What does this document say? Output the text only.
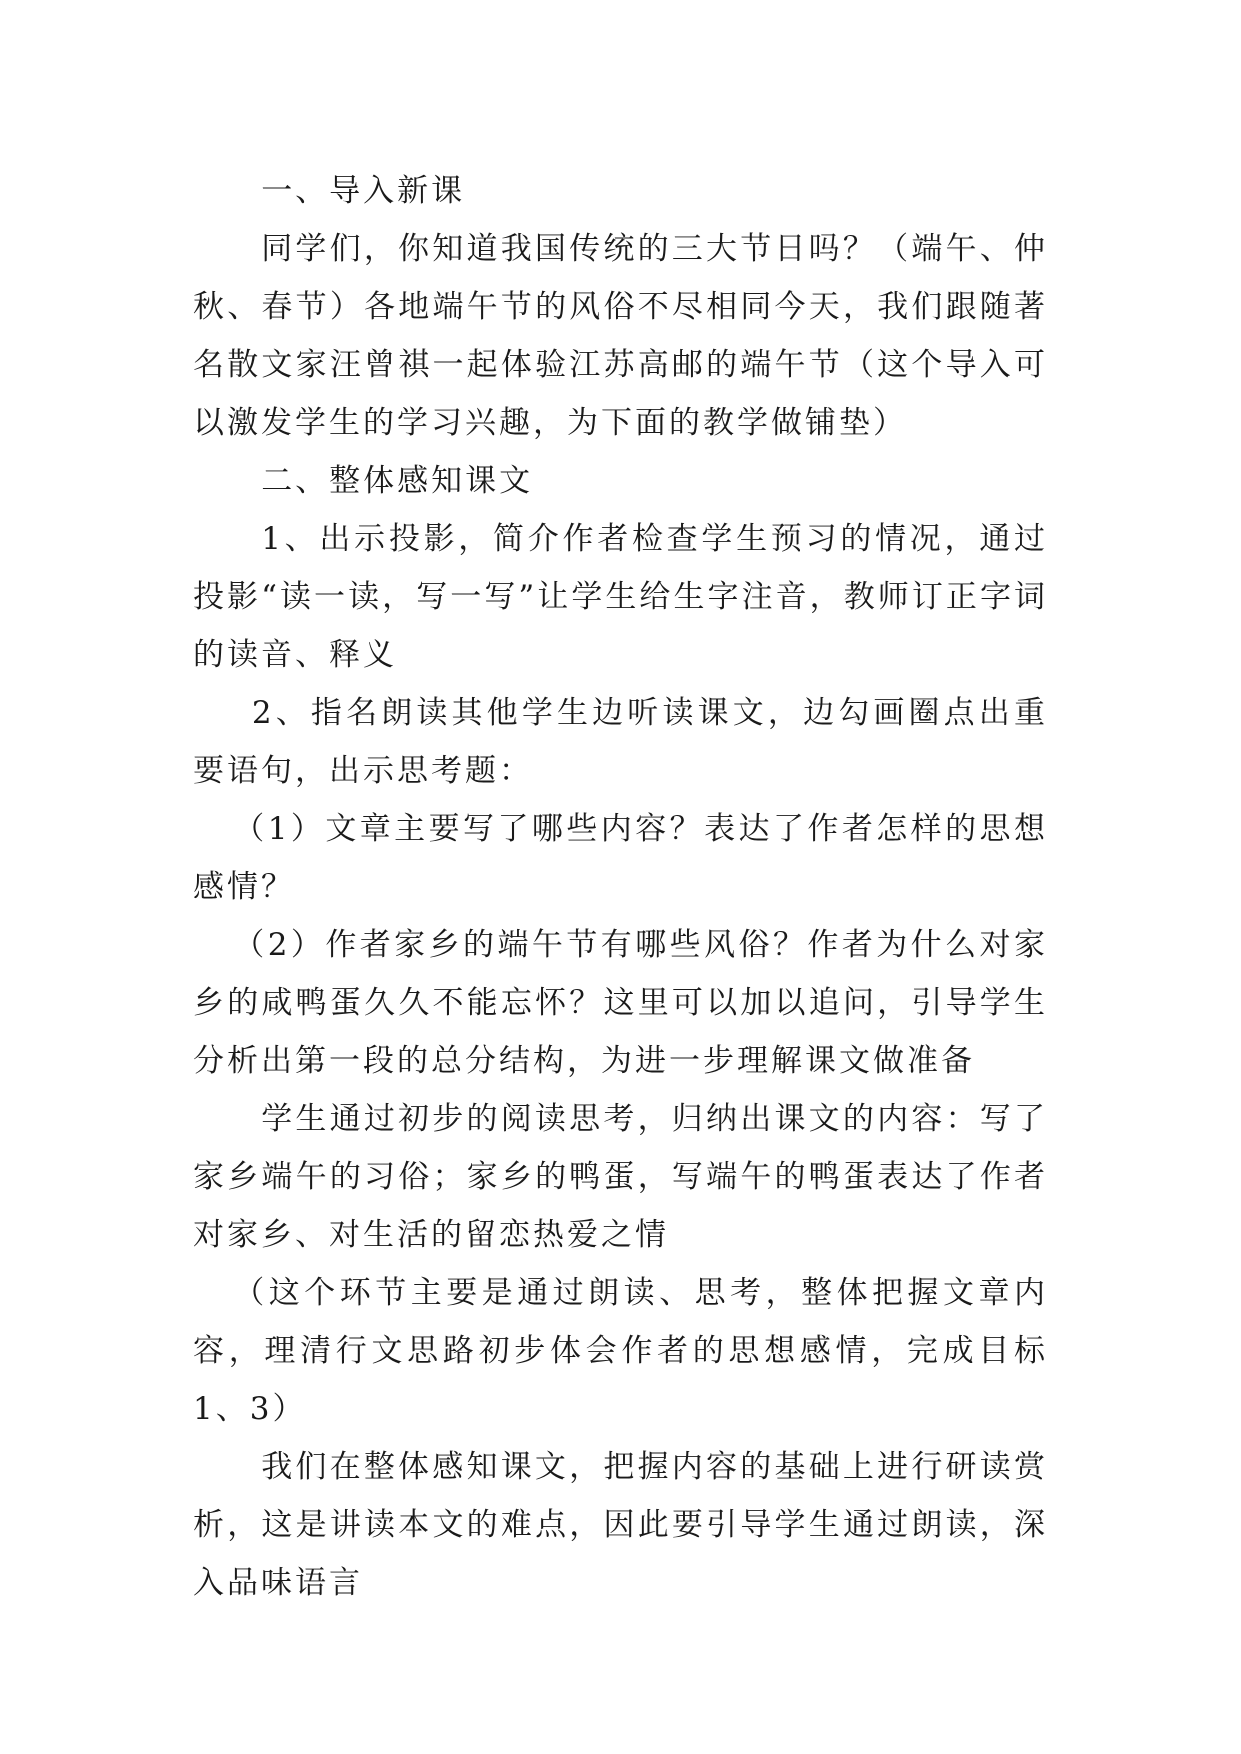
一、导入新课

同学们，你知道我国传统的三大节日吗？（端午、仲秋、春节）各地端午节的风俗不尽相同今天，我们跟随著名散文家汪曾祺一起体验江苏高邮的端午节（这个导入可以激发学生的学习兴趣，为下面的教学做铺垫）

二、整体感知课文

1、出示投影，简介作者检查学生预习的情况，通过投影“读一读，写一写”让学生给生字注音，教师订正字词的读音、释义

2、指名朗读其他学生边听读课文，边勾画圈点出重要语句，出示思考题：

（1）文章主要写了哪些内容？表达了作者怎样的思想感情？

（2）作者家乡的端午节有哪些风俗？作者为什么对家乡的咸鸭蛋久久不能忘怀？这里可以加以追问，引导学生分析出第一段的总分结构，为进一步理解课文做准备

学生通过初步的阅读思考，归纳出课文的内容：写了家乡端午的习俗；家乡的鸭蛋，写端午的鸭蛋表达了作者对家乡、对生活的留恋热爱之情

（这个环节主要是通过朗读、思考，整体把握文章内容，理清行文思路初步体会作者的思想感情，完成目标1、3）

我们在整体感知课文，把握内容的基础上进行研读赏析，这是讲读本文的难点，因此要引导学生通过朗读，深入品味语言
